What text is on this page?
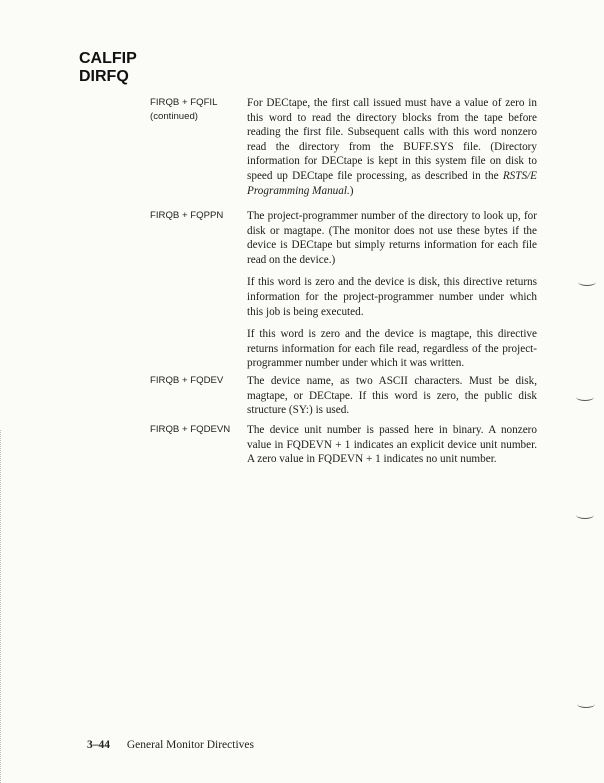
CALFIP
DIRFQ
FIRQB + FQFIL
(continued)

For DECtape, the first call issued must have a value of zero in this word to read the directory blocks from the tape before reading the first file. Subsequent calls with this word nonzero read the directory from the BUFF.SYS file. (Directory information for DECtape is kept in this system file on disk to speed up DECtape file processing, as described in the RSTS/E Programming Manual.)

FIRQB + FQPPN The project-programmer number of the directory to look up, for disk or magtape. (The monitor does not use these bytes if the device is DECtape but simply returns information for each file read on the device.)

If this word is zero and the device is disk, this directive returns information for the project-programmer number under which this job is being executed.

If this word is zero and the device is magtape, this directive returns information for each file read, regardless of the project-programmer number under which it was written.

FIRQB + FQDEV The device name, as two ASCII characters. Must be disk, magtape, or DECtape. If this word is zero, the public disk structure (SY:) is used.

FIRQB + FQDEVN The device unit number is passed here in binary. A nonzero value in FQDEVN + 1 indicates an explicit device unit number. A zero value in FQDEVN + 1 indicates no unit number.

3–44 General Monitor Directives
